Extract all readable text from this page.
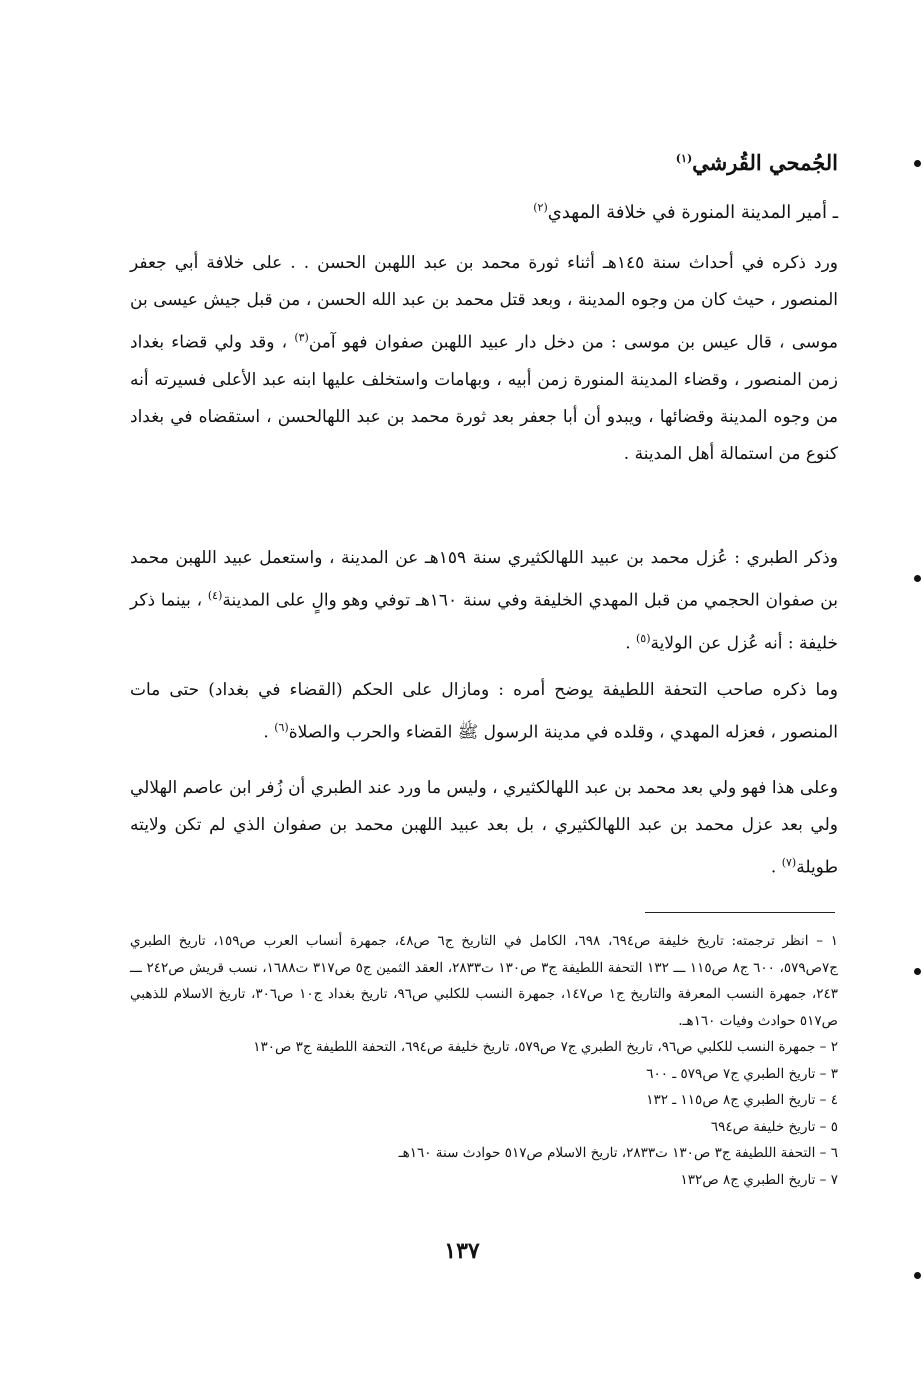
الجُمحي القُرشي$^{(١)}$
ـ أمير المدينة المنورة في خلافة المهدي$^{(٢)}$
ورد ذكره في أحداث سنة ١٤٥هـ أثناء ثورة محمد بن عبد اللهبن الحسن . . على خلافة أبي جعفر المنصور ، حيث كان من وجوه المدينة ، وبعد قتل محمد بن عبد الله الحسن ، من قبل جيش عيسى بن موسى ، قال عيس بن موسى : من دخل دار عبيد اللهبن صفوان فهو آمن$^{(٣)}$ ، وقد ولي قضاء بغداد زمن المنصور ، وقضاء المدينة المنورة زمن أبيه ، وبهامات واستخلف عليها ابنه عبد الأعلى فسيرته أنه من وجوه المدينة وقضائها ، ويبدو أن أبا جعفر بعد ثورة محمد بن عبد اللهالحسن ، استقضاه في بغداد كنوع من استمالة أهل المدينة .
وذكر الطبري : عُزل محمد بن عبيد اللهالكثيري سنة ١٥٩هـ عن المدينة ، واستعمل عبيد اللهبن محمد بن صفوان الحجمي من قبل المهدي الخليفة وفي سنة ١٦٠هـ توفي وهو والٍ على المدينة$^{(٤)}$ ، بينما ذكر خليفة : أنه عُزل عن الولاية$^{(٥)}$ .
وما ذكره صاحب التحفة اللطيفة يوضح أمره : ومازال على الحكم (القضاء في بغداد) حتى مات المنصور ، فعزله المهدي ، وقلده في مدينة الرسول ﷺ القضاء والحرب والصلاة$^{(٦)}$ .
وعلى هذا فهو ولي بعد محمد بن عبد اللهالكثيري ، وليس ما ورد عند الطبري أن زُفر ابن عاصم الهلالي ولي بعد عزل محمد بن عبد اللهالكثيري ، بل بعد عبيد اللهبن محمد بن صفوان الذي لم تكن ولايته طويلة$^{(٧)}$ .
١ – انظر ترجمته: تاريخ خليفة ص٦٩٤، ٦٩٨، الكامل في التاريخ ج٦ ص٤٨، جمهرة أنساب العرب ص١٥٩، تاريخ الطبري ج٧ص٥٧٩، ٦٠٠ ج٨ ص١١٥ ـــ ١٣٢ التحفة اللطيفة ج٣ ص١٣٠ ت٢٨٣٣، العقد الثمين ج٥ ص٣١٧ ت١٦٨٨، نسب قريش ص٢٤٢ ـــ ٢٤٣، جمهرة النسب المعرفة والتاريخ ج١ ص١٤٧، جمهرة النسب للكلبي ص٩٦، تاريخ بغداد ج١٠ ص٣٠٦، تاريخ الاسلام للذهبي ص٥١٧ حوادث وفيات ١٦٠هـ.
٢ – جمهرة النسب للكلبي ص٩٦، تاريخ الطبري ج٧ ص٥٧٩، تاريخ خليفة ص٦٩٤، التحفة اللطيفة ج٣ ص١٣٠
٣ – تاريخ الطبري ج٧ ص٥٧٩ ـ ٦٠٠
٤ – تاريخ الطبري ج٨ ص١١٥ ـ ١٣٢
٥ – تاريخ خليفة ص٦٩٤
٦ – التحفة اللطيفة ج٣ ص١٣٠ ت٢٨٣٣، تاريخ الاسلام ص٥١٧ حوادث سنة ١٦٠هـ
٧ – تاريخ الطبري ج٨ ص١٣٢
١٣٧
